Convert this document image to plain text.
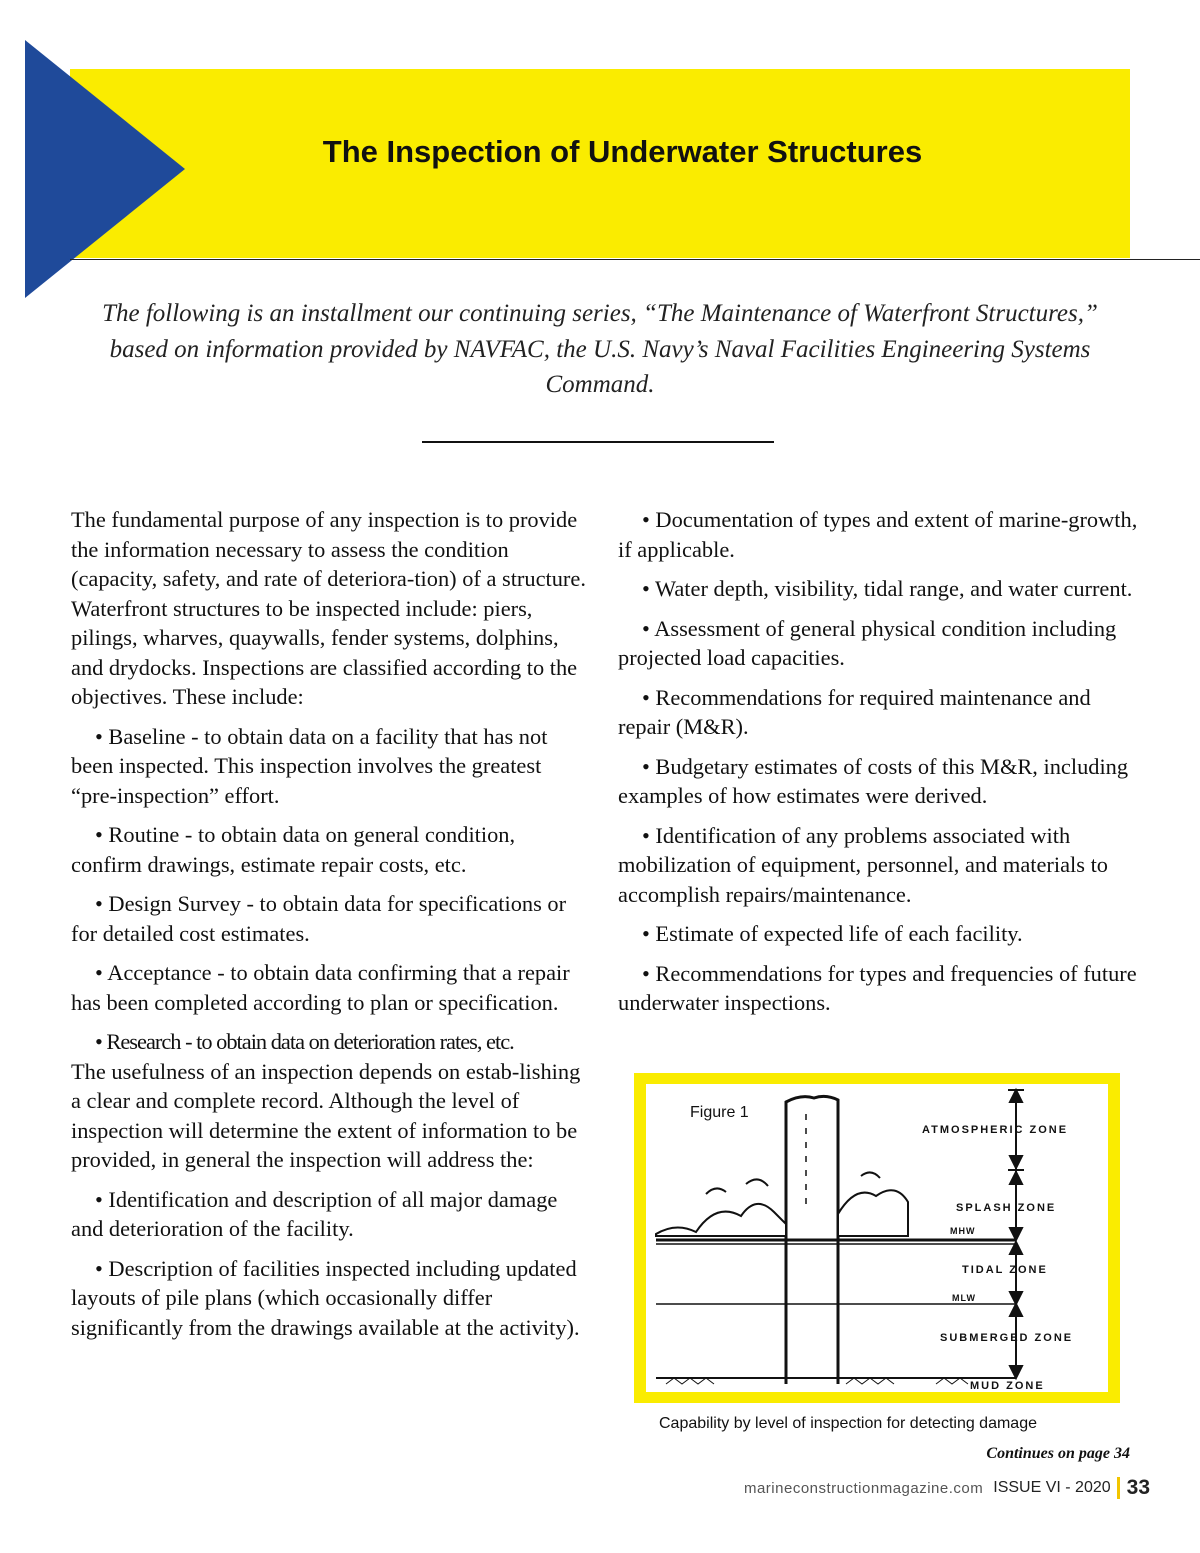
The Inspection of Underwater Structures

The following is an installment our continuing series, “The Maintenance of Waterfront Structures,” based on information provided by NAVFAC, the U.S. Navy’s Naval Facilities Engineering Systems Command.

The fundamental purpose of any inspection is to provide the information necessary to assess the condition (capacity, safety, and rate of deteriora-tion) of a structure. Waterfront structures to be inspected include: piers, pilings, wharves, quaywalls, fender systems, dolphins, and drydocks. Inspections are classified according to the objectives. These include:

• Baseline - to obtain data on a facility that has not been inspected. This inspection involves the greatest “pre-inspection” effort.

• Routine - to obtain data on general condition, confirm drawings, estimate repair costs, etc.

• Design Survey - to obtain data for specifications or for detailed cost estimates.

• Acceptance - to obtain data confirming that a repair has been completed according to plan or specification.

• Research - to obtain data on deterioration rates, etc.

The usefulness of an inspection depends on estab-lishing a clear and complete record. Although the level of inspection will determine the extent of information to be provided, in general the inspection will address the:

• Identification and description of all major damage and deterioration of the facility.

• Description of facilities inspected including updated layouts of pile plans (which occasionally differ significantly from the drawings available at the activity).

• Documentation of types and extent of marine-growth, if applicable.

• Water depth, visibility, tidal range, and water current.

• Assessment of general physical condition including projected load capacities.

• Recommendations for required maintenance and repair (M&R).

• Budgetary estimates of costs of this M&R, including examples of how estimates were derived.

• Identification of any problems associated with mobilization of equipment, personnel, and materials to accomplish repairs/maintenance.

• Estimate of expected life of each facility.

• Recommendations for types and frequencies of future underwater inspections.

Figure 1
ATMOSPHERIC ZONE
SPLASH ZONE
MHW
TIDAL ZONE
MLW
SUBMERGED ZONE
MUD ZONE
Capability by level of inspection for detecting damage
Continues on page 34
marineconstructionmagazine.com ISSUE VI - 2020 33
